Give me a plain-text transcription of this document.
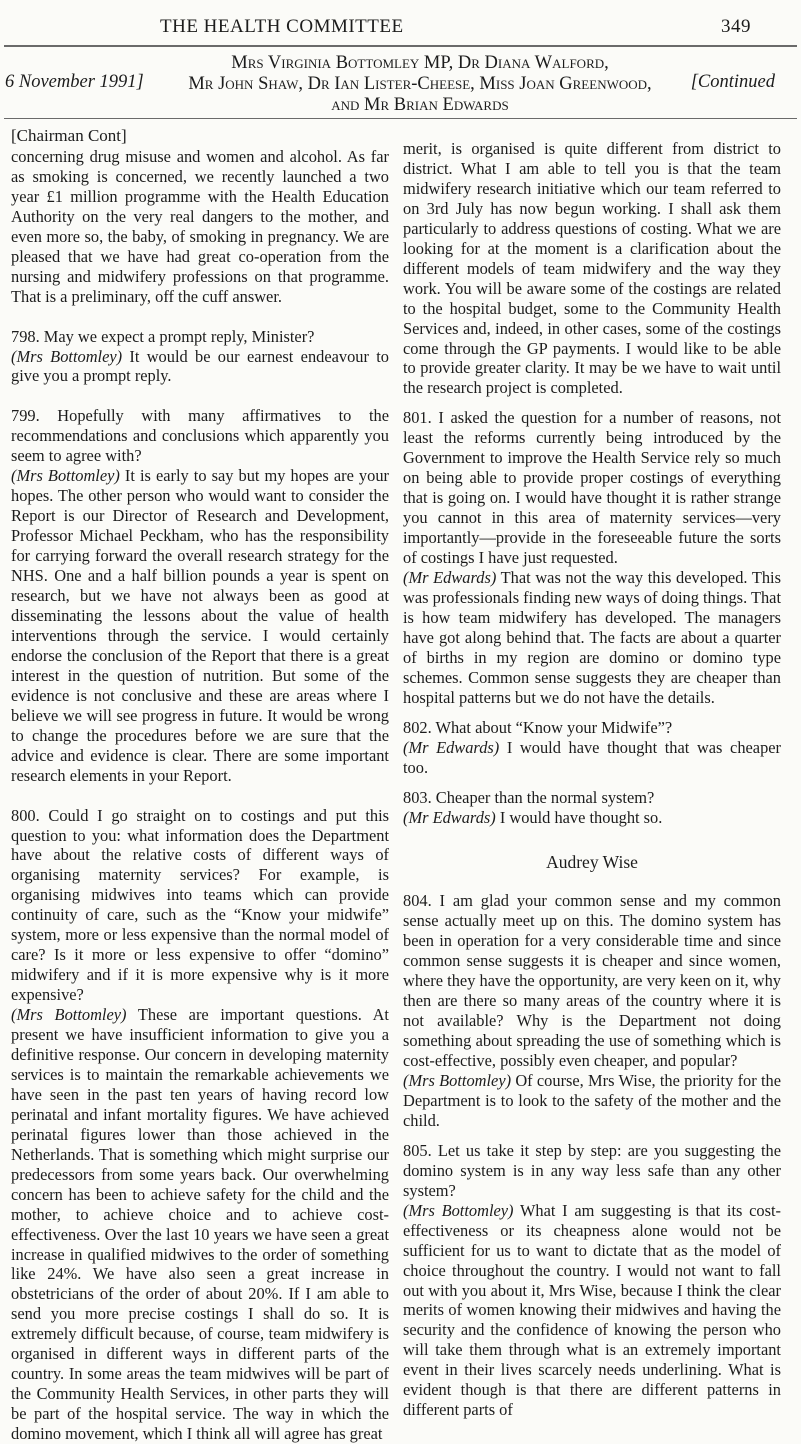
THE HEALTH COMMITTEE	349
6 November 1991]
Mrs Virginia Bottomley MP, Dr Diana Walford,
Mr John Shaw, Dr Ian Lister-Cheese, Miss Joan Greenwood,
and Mr Brian Edwards
[Continued
[Chairman Cont]

concerning drug misuse and women and alcohol. As far as smoking is concerned, we recently launched a two year £1 million programme with the Health Education Authority on the very real dangers to the mother, and even more so, the baby, of smoking in pregnancy. We are pleased that we have had great co-operation from the nursing and midwifery professions on that programme. That is a preliminary, off the cuff answer.

798. May we expect a prompt reply, Minister?

(Mrs Bottomley) It would be our earnest endeavour to give you a prompt reply.

799. Hopefully with many affirmatives to the recommendations and conclusions which apparently you seem to agree with?

(Mrs Bottomley) It is early to say but my hopes are your hopes. The other person who would want to consider the Report is our Director of Research and Development, Professor Michael Peckham, who has the responsibility for carrying forward the overall research strategy for the NHS. One and a half billion pounds a year is spent on research, but we have not always been as good at disseminating the lessons about the value of health interventions through the service. I would certainly endorse the conclusion of the Report that there is a great interest in the question of nutrition. But some of the evidence is not conclusive and these are areas where I believe we will see progress in future. It would be wrong to change the procedures before we are sure that the advice and evidence is clear. There are some important research elements in your Report.

800. Could I go straight on to costings and put this question to you: what information does the Department have about the relative costs of different ways of organising maternity services? For example, is organising midwives into teams which can provide continuity of care, such as the “Know your midwife” system, more or less expensive than the normal model of care? Is it more or less expensive to offer “domino” midwifery and if it is more expensive why is it more expensive?

(Mrs Bottomley) These are important questions. At present we have insufficient information to give you a definitive response. Our concern in developing maternity services is to maintain the remarkable achievements we have seen in the past ten years of having record low perinatal and infant mortality figures. We have achieved perinatal figures lower than those achieved in the Netherlands. That is something which might surprise our predecessors from some years back. Our overwhelming concern has been to achieve safety for the child and the mother, to achieve choice and to achieve cost-effectiveness. Over the last 10 years we have seen a great increase in qualified midwives to the order of something like 24%. We have also seen a great increase in obstetricians of the order of about 20%. If I am able to send you more precise costings I shall do so. It is extremely difficult because, of course, team midwifery is organised in different ways in different parts of the country. In some areas the team midwives will be part of the Community Health Services, in other parts they will be part of the hospital service. The way in which the domino movement, which I think all will agree has great

merit, is organised is quite different from district to district. What I am able to tell you is that the team midwifery research initiative which our team referred to on 3rd July has now begun working. I shall ask them particularly to address questions of costing. What we are looking for at the moment is a clarification about the different models of team midwifery and the way they work. You will be aware some of the costings are related to the hospital budget, some to the Community Health Services and, indeed, in other cases, some of the costings come through the GP payments. I would like to be able to provide greater clarity. It may be we have to wait until the research project is completed.

801. I asked the question for a number of reasons, not least the reforms currently being introduced by the Government to improve the Health Service rely so much on being able to provide proper costings of everything that is going on. I would have thought it is rather strange you cannot in this area of maternity services—very importantly—provide in the foreseeable future the sorts of costings I have just requested.

(Mr Edwards) That was not the way this developed. This was professionals finding new ways of doing things. That is how team midwifery has developed. The managers have got along behind that. The facts are about a quarter of births in my region are domino or domino type schemes. Common sense suggests they are cheaper than hospital patterns but we do not have the details.

802. What about “Know your Midwife”?

(Mr Edwards) I would have thought that was cheaper too.

803. Cheaper than the normal system?

(Mr Edwards) I would have thought so.

Audrey Wise

804. I am glad your common sense and my common sense actually meet up on this. The domino system has been in operation for a very considerable time and since common sense suggests it is cheaper and since women, where they have the opportunity, are very keen on it, why then are there so many areas of the country where it is not available? Why is the Department not doing something about spreading the use of something which is cost-effective, possibly even cheaper, and popular?

(Mrs Bottomley) Of course, Mrs Wise, the priority for the Department is to look to the safety of the mother and the child.

805. Let us take it step by step: are you suggesting the domino system is in any way less safe than any other system?

(Mrs Bottomley) What I am suggesting is that its cost-effectiveness or its cheapness alone would not be sufficient for us to want to dictate that as the model of choice throughout the country. I would not want to fall out with you about it, Mrs Wise, because I think the clear merits of women knowing their midwives and having the security and the confidence of knowing the person who will take them through what is an extremely important event in their lives scarcely needs underlining. What is evident though is that there are different patterns in different parts of
